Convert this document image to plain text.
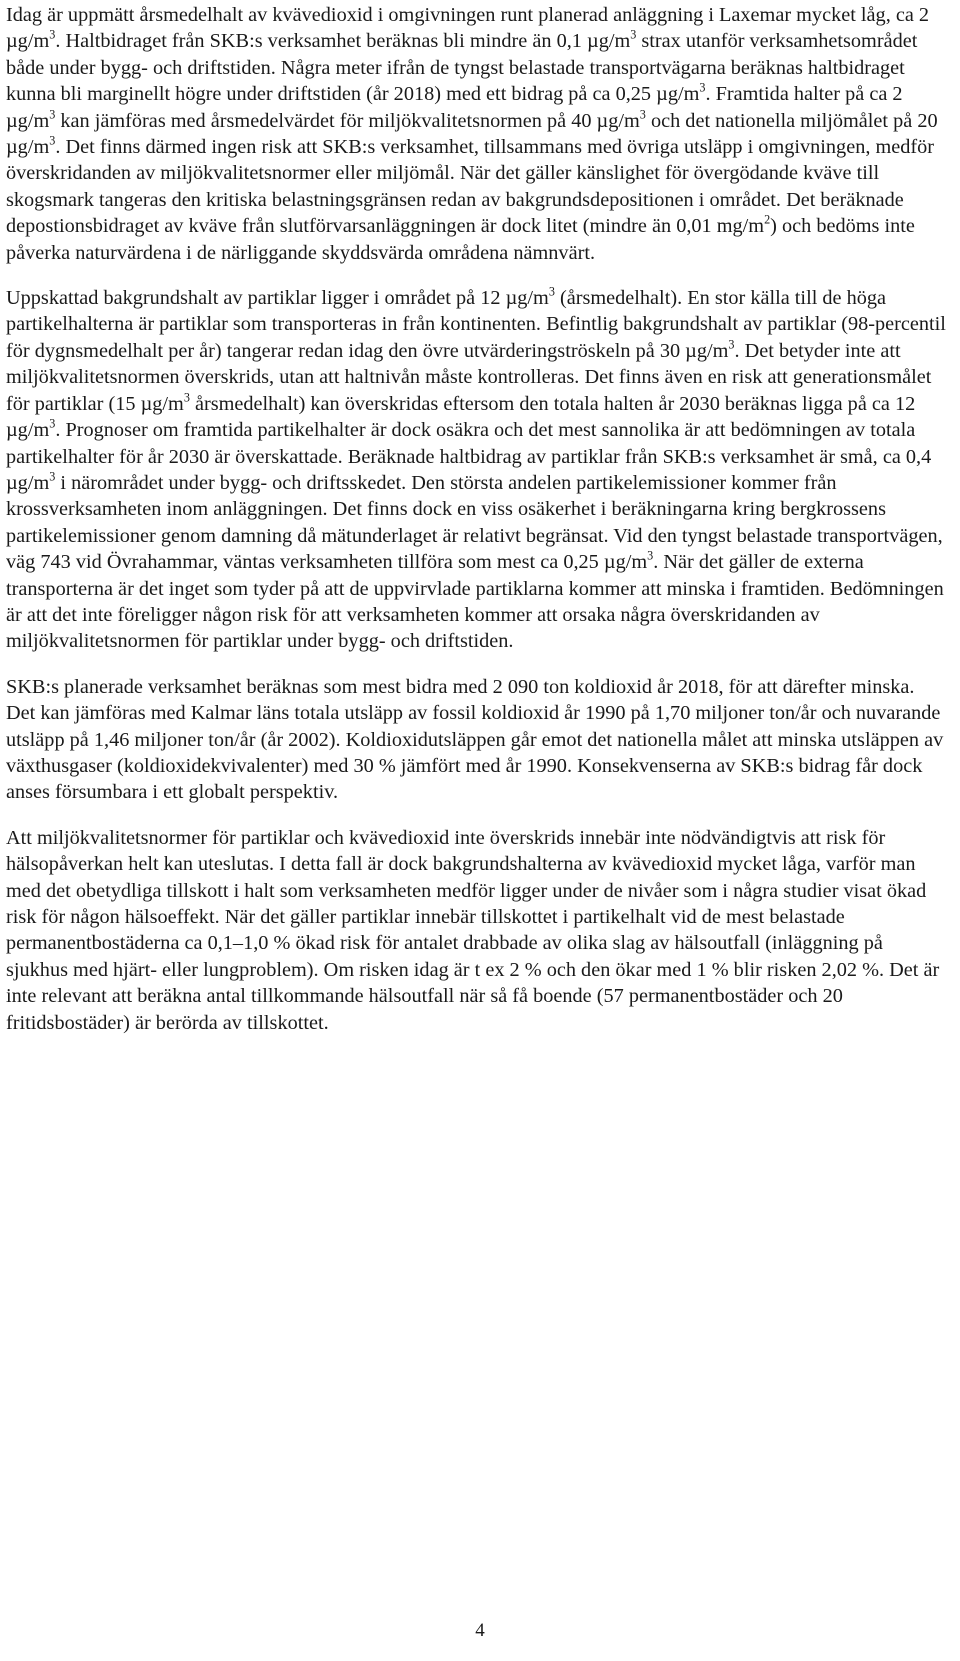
Idag är uppmätt årsmedelhalt av kvävedioxid i omgivningen runt planerad anläggning i Laxemar mycket låg, ca 2 $\mu g/m^3$. Haltbidraget från SKB:s verksamhet beräknas bli mindre än 0,1 $\mu g/m^3$ strax utanför verksamhetsområdet både under bygg- och driftstiden. Några meter ifrån de tyngst belastade transportvägarna beräknas haltbidraget kunna bli marginellt högre under driftstiden (år 2018) med ett bidrag på ca 0,25 $\mu g/m^3$. Framtida halter på ca 2 $\mu g/m^3$ kan jämföras med årsmedelvärdet för miljökvalitetsnormen på 40 $\mu g/m^3$ och det nationella miljömålet på 20 $\mu g/m^3$. Det finns därmed ingen risk att SKB:s verksamhet, tillsammans med övriga utsläpp i omgivningen, medför överskridanden av miljökvalitetsnormer eller miljömål. När det gäller känslighet för övergödande kväve till skogsmark tangeras den kritiska belastningsgränsen redan av bakgrundsdepositionen i området. Det beräknade depostionsbidraget av kväve från slutförvarsanläggningen är dock litet (mindre än 0,01 $mg/m^2$) och bedöms inte påverka naturvärdena i de närliggande skyddsvärda områdena nämnvärt.

Uppskattad bakgrundshalt av partiklar ligger i området på 12 $\mu g/m^3$ (årsmedelhalt). En stor källa till de höga partikelhalterna är partiklar som transporteras in från kontinenten. Befintlig bakgrundshalt av partiklar (98-percentil för dygnsmedelhalt per år) tangerar redan idag den övre utvärderingströskeln på 30 $\mu g/m^3$. Det betyder inte att miljökvalitetsnormen överskrids, utan att haltnivån måste kontrolleras. Det finns även en risk att generationsmålet för partiklar (15 $\mu g/m^3$ årsmedelhalt) kan överskridas eftersom den totala halten år 2030 beräknas ligga på ca 12 $\mu g/m^3$. Prognoser om framtida partikelhalter är dock osäkra och det mest sannolika är att bedömningen av totala partikelhalter för år 2030 är överskattade. Beräknade haltbidrag av partiklar från SKB:s verksamhet är små, ca 0,4 $\mu g/m^3$ i närområdet under bygg- och driftsskedet. Den största andelen partikelemissioner kommer från krossverksamheten inom anläggningen. Det finns dock en viss osäkerhet i beräkningarna kring bergkrossens partikelemissioner genom damning då mätunderlaget är relativt begränsat. Vid den tyngst belastade transportvägen, väg 743 vid Övrahammar, väntas verksamheten tillföra som mest ca 0,25 $\mu g/m^3$. När det gäller de externa transporterna är det inget som tyder på att de uppvirvlade partiklarna kommer att minska i framtiden. Bedömningen är att det inte föreligger någon risk för att verksamheten kommer att orsaka några överskridanden av miljökvalitetsnormen för partiklar under bygg- och driftstiden.

SKB:s planerade verksamhet beräknas som mest bidra med 2 090 ton koldioxid år 2018, för att därefter minska. Det kan jämföras med Kalmar läns totala utsläpp av fossil koldioxid år 1990 på 1,70 miljoner ton/år och nuvarande utsläpp på 1,46 miljoner ton/år (år 2002). Koldioxidutsläppen går emot det nationella målet att minska utsläppen av växthusgaser (koldioxidekvivalenter) med 30 % jämfört med år 1990. Konsekvenserna av SKB:s bidrag får dock anses försumbara i ett globalt perspektiv.

Att miljökvalitetsnormer för partiklar och kvävedioxid inte överskrids innebär inte nödvändigtvis att risk för hälsopåverkan helt kan uteslutas. I detta fall är dock bakgrundshalterna av kvävedioxid mycket låga, varför man med det obetydliga tillskott i halt som verksamheten medför ligger under de nivåer som i några studier visat ökad risk för någon hälsoeffekt. När det gäller partiklar innebär tillskottet i partikelhalt vid de mest belastade permanentbostäderna ca 0,1–1,0 % ökad risk för antalet drabbade av olika slag av hälsoutfall (inläggning på sjukhus med hjärt- eller lungproblem). Om risken idag är t ex 2 % och den ökar med 1 % blir risken 2,02 %. Det är inte relevant att beräkna antal tillkommande hälsoutfall när så få boende (57 permanentbostäder och 20 fritidsbostäder) är berörda av tillskottet.

4
